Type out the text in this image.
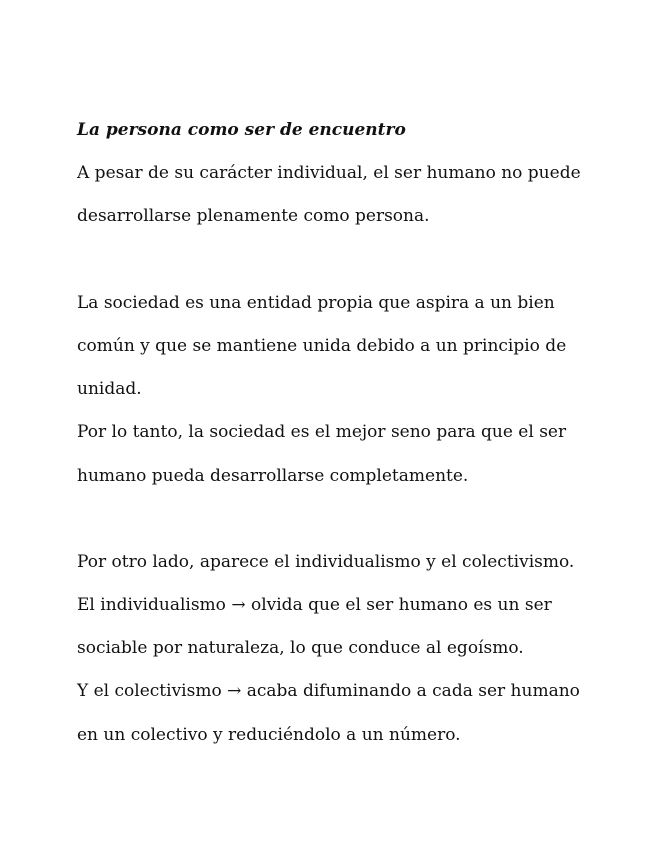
La persona como ser de encuentro
A pesar de su carácter individual, el ser humano no puede
desarrollarse plenamente como persona.
La sociedad es una entidad propia que aspira a un bien
común y que se mantiene unida debido a un principio de
unidad.
Por lo tanto, la sociedad es el mejor seno para que el ser
humano pueda desarrollarse completamente.
Por otro lado, aparece el individualismo y el colectivismo.
El individualismo → olvida que el ser humano es un ser
sociable por naturaleza, lo que conduce al egoísmo.
Y el colectivismo → acaba difuminando a cada ser humano
en un colectivo y reduciéndolo a un número.
